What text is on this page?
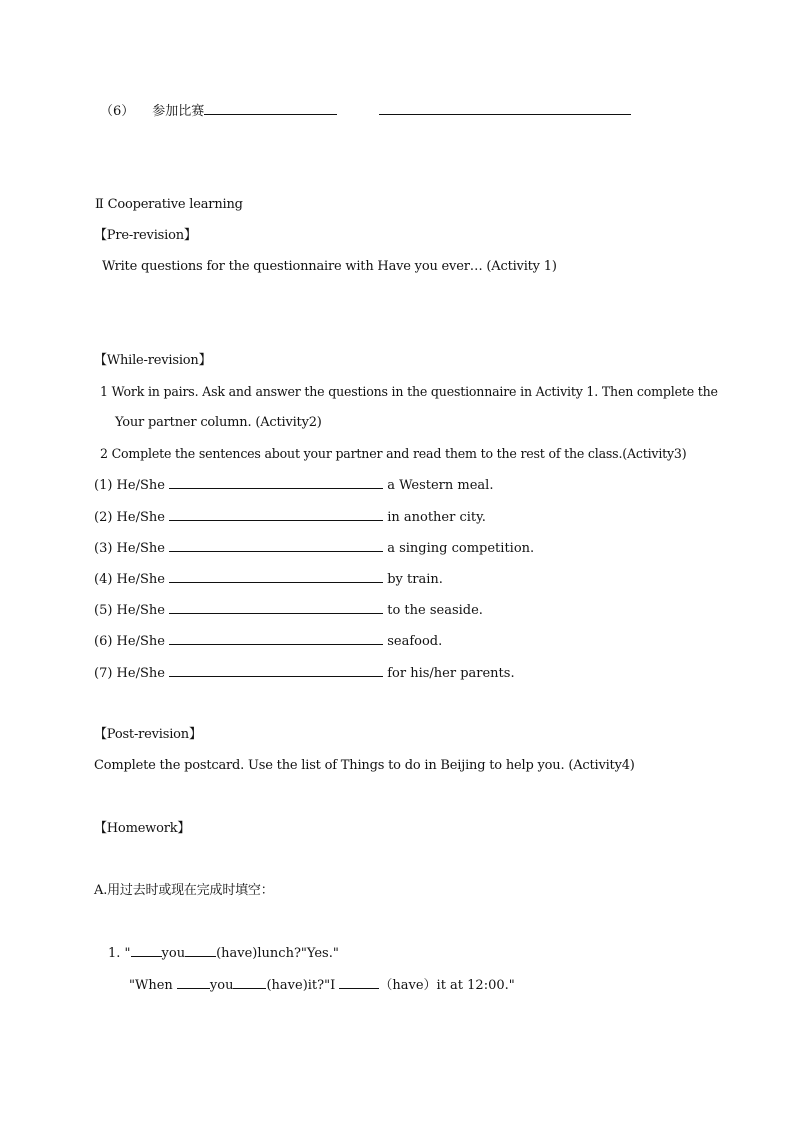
（6） 参加比赛
Ⅱ Cooperative learning
【Pre-revision】
Write questions for the questionnaire with Have you ever… (Activity 1)
【While-revision】
1 Work in pairs. Ask and answer the questions in the questionnaire in Activity 1. Then complete the
Your partner column. (Activity2)
2 Complete the sentences about your partner and read them to the rest of the class.(Activity3)
(1) He/She	a Western meal.
(2) He/She	in another city.
(3) He/She	a singing competition.
(4) He/She	by train.
(5) He/She	to the seaside.
(6) He/She	seafood.
(7) He/She	for his/her parents.
【Post-revision】
Complete the postcard. Use the list of Things to do in Beijing to help you. (Activity4)
【Homework】
A.用过去时或现在完成时填空：
1. " you (have)lunch?"Yes."
"When	you	(have)it?"I	（have）it at 12:00."
